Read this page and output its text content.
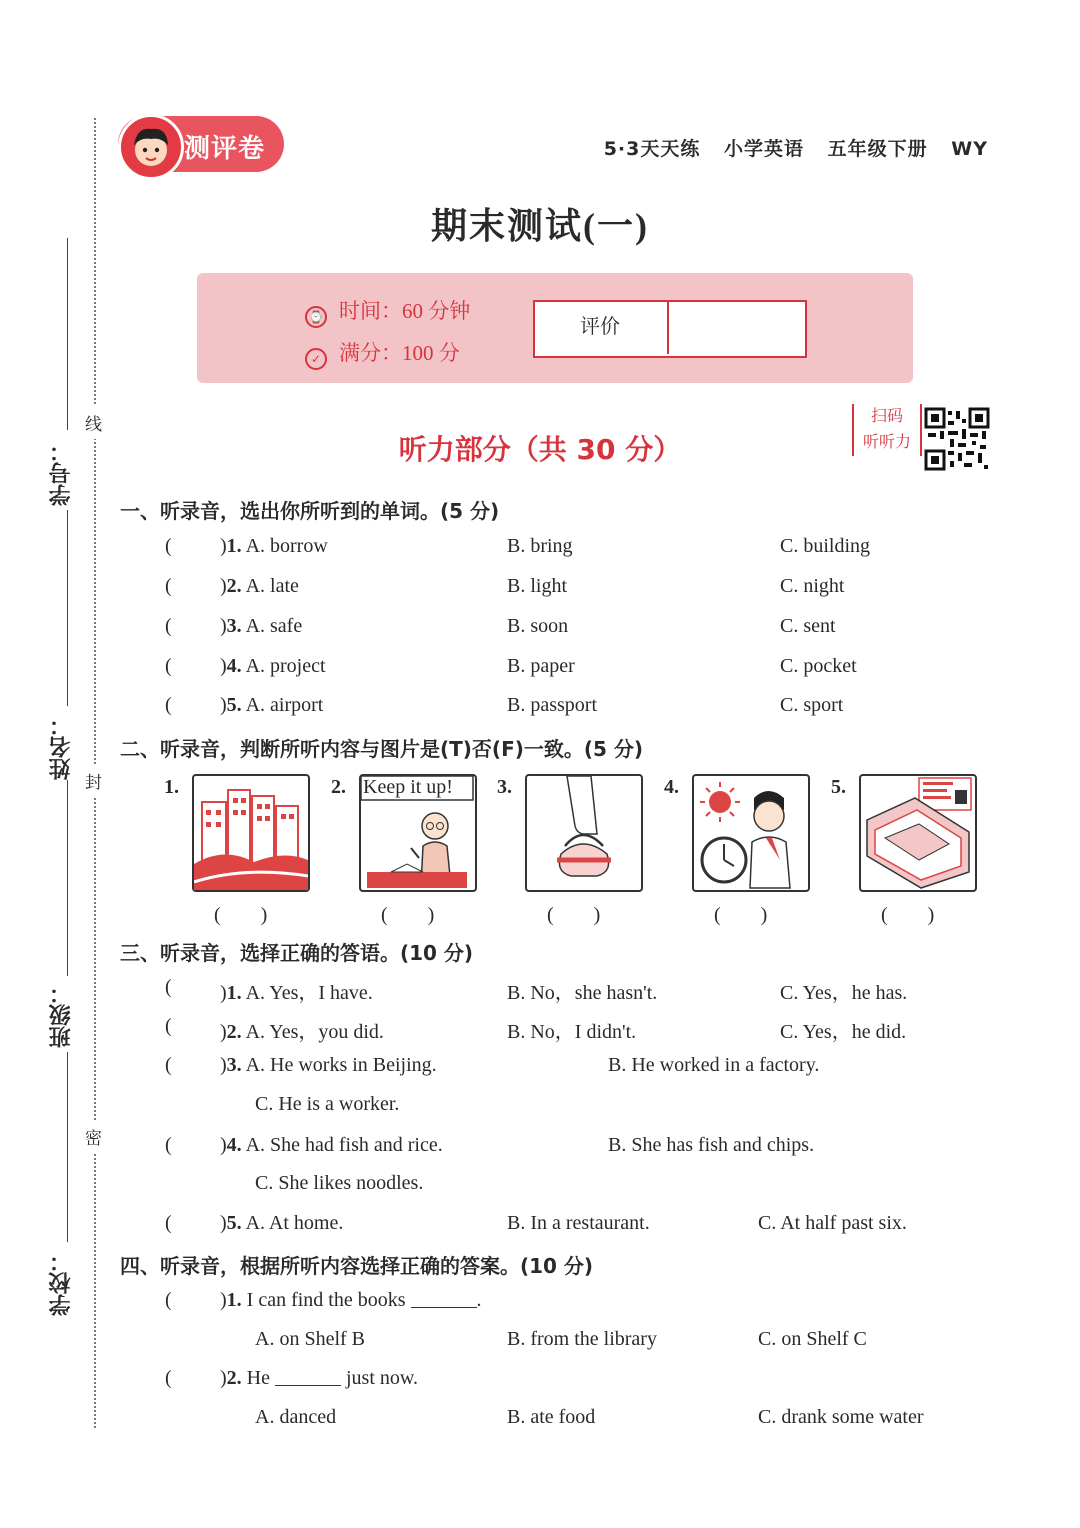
学号：
姓名：
班级：
学校：
线
封
密
测评卷	5·3天天练 小学英语 五年级下册 WY
期末测试(一)
⌚ 时间：60 分钟
✓ 满分：100 分
评价
听力部分（共 30 分）
扫码
听听力
一、听录音，选出你所听到的单词。(5 分)
( )1. A. borrow	B. bring	C. building
( )2. A. late	B. light	C. night
( )3. A. safe	B. soon	C. sent
( )4. A. project	B. paper	C. pocket
( )5. A. airport	B. passport	C. sport
二、听录音，判断所听内容与图片是(T)否(F)一致。(5 分)
1.
(　　)
2. Keep it up!
(　　)
3.
(　　)
4.
(　　)
5.
(　　)
三、听录音，选择正确的答语。(10 分)
( )1. A. Yes，I have.	B. No，she hasn't.	C. Yes，he has.
( )2. A. Yes，you did.	B. No，I didn't.	C. Yes，he did.
( )3. A. He works in Beijing.	B. He worked in a factory.
C. He is a worker.
( )4. A. She had fish and rice.	B. She has fish and chips.
C. She likes noodles.
( )5. A. At home.	B. In a restaurant.	C. At half past six.
四、听录音，根据所听内容选择正确的答案。(10 分)
( )1. I can find the books	.
A. on Shelf B	B. from the library	C. on Shelf C
( )2. He	just now.
A. danced	B. ate food	C. drank some water
